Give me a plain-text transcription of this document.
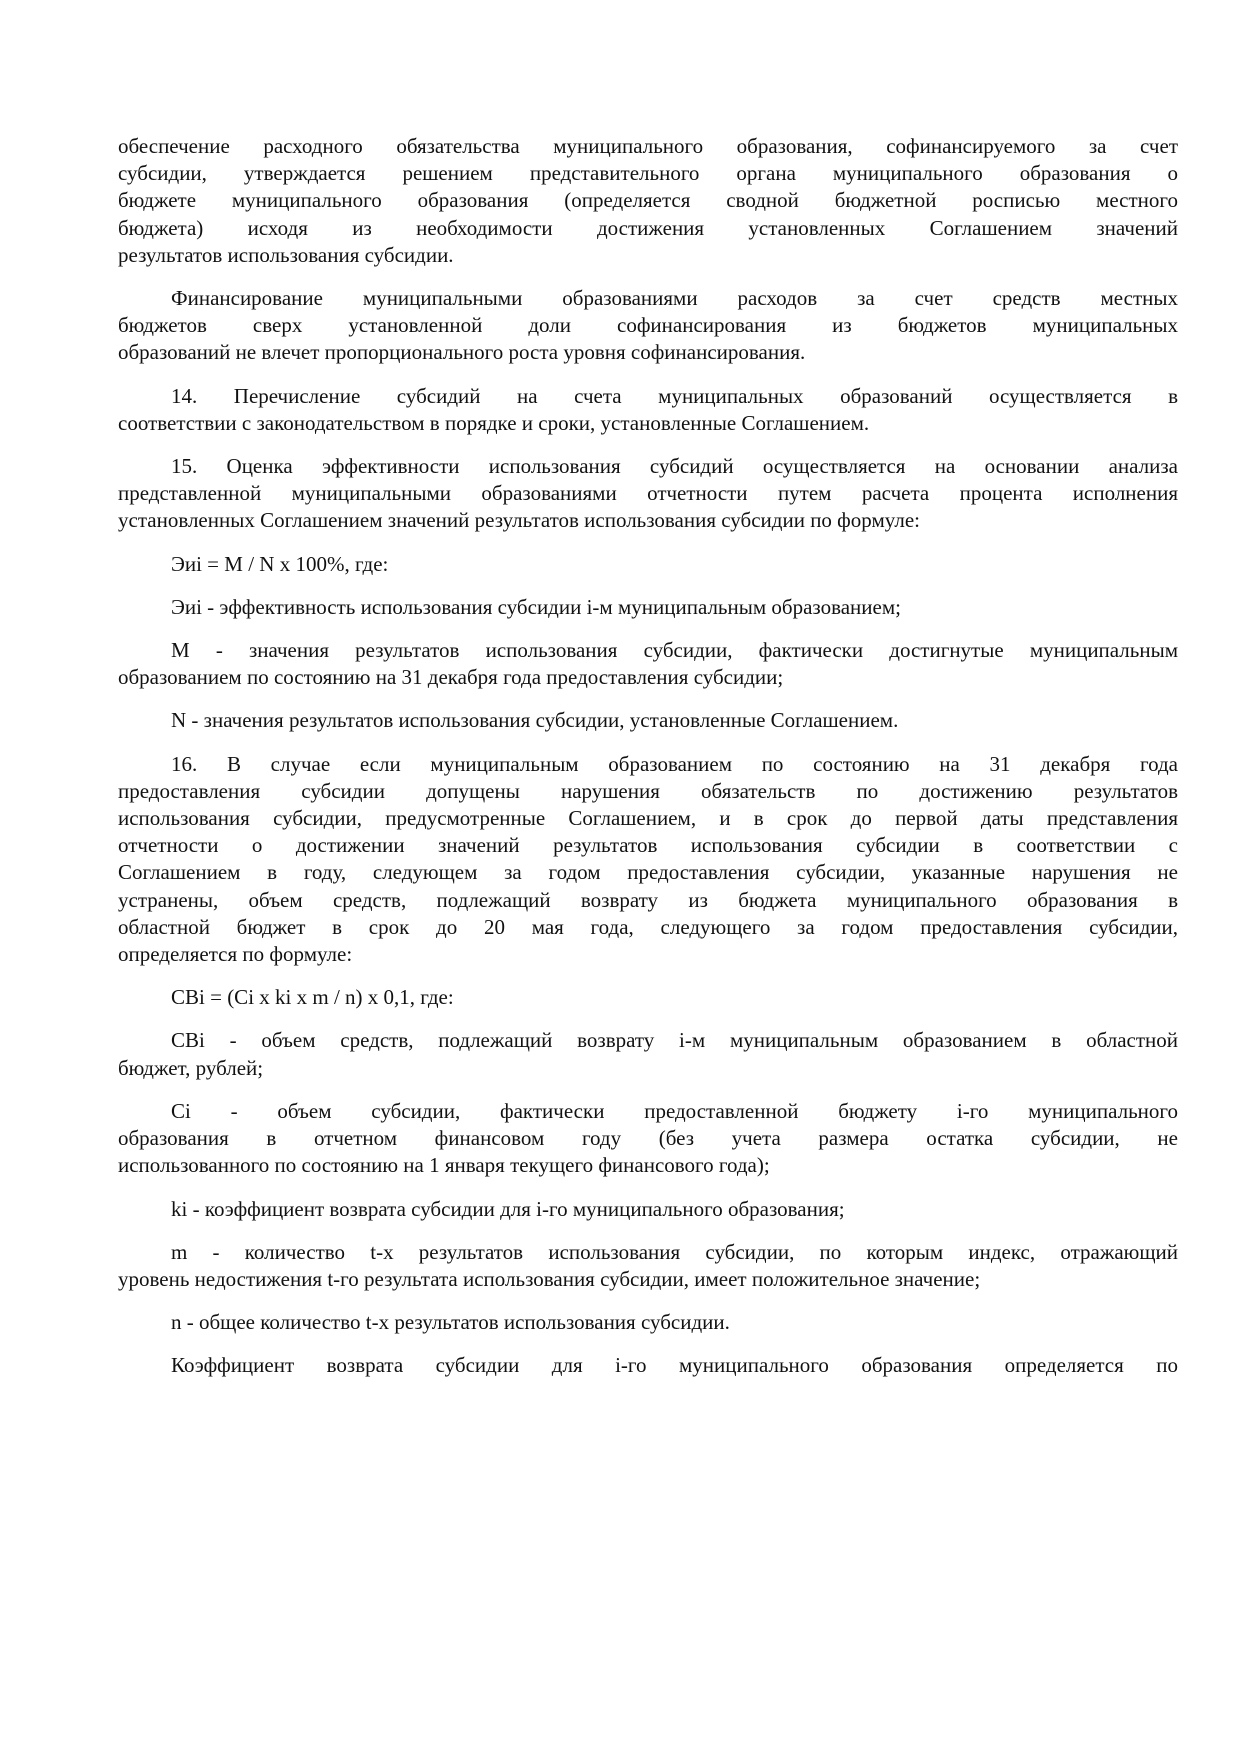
обеспечение расходного обязательства муниципального образования, софинансируемого за счет
субсидии, утверждается решением представительного органа муниципального образования о
бюджете муниципального образования (определяется сводной бюджетной росписью местного
бюджета) исходя из необходимости достижения установленных Соглашением значений
результатов использования субсидии.
Финансирование муниципальными образованиями расходов за счет средств местных
бюджетов сверх установленной доли софинансирования из бюджетов муниципальных
образований не влечет пропорционального роста уровня софинансирования.
14. Перечисление субсидий на счета муниципальных образований осуществляется в
соответствии с законодательством в порядке и сроки, установленные Соглашением.
15. Оценка эффективности использования субсидий осуществляется на основании анализа
представленной муниципальными образованиями отчетности путем расчета процента исполнения
установленных Соглашением значений результатов использования субсидии по формуле:
Эиi = M / N x 100%, где:
Эиi - эффективность использования субсидии i-м муниципальным образованием;
M - значения результатов использования субсидии, фактически достигнутые муниципальным
образованием по состоянию на 31 декабря года предоставления субсидии;
N - значения результатов использования субсидии, установленные Соглашением.
16. В случае если муниципальным образованием по состоянию на 31 декабря года
предоставления субсидии допущены нарушения обязательств по достижению результатов
использования субсидии, предусмотренные Соглашением, и в срок до первой даты представления
отчетности о достижении значений результатов использования субсидии в соответствии с
Соглашением в году, следующем за годом предоставления субсидии, указанные нарушения не
устранены, объем средств, подлежащий возврату из бюджета муниципального образования в
областной бюджет в срок до 20 мая года, следующего за годом предоставления субсидии,
определяется по формуле:
CBi = (Ci x ki x m / n) x 0,1, где:
CBi - объем средств, подлежащий возврату i-м муниципальным образованием в областной
бюджет, рублей;
Ci - объем субсидии, фактически предоставленной бюджету i-го муниципального
образования в отчетном финансовом году (без учета размера остатка субсидии, не
использованного по состоянию на 1 января текущего финансового года);
ki - коэффициент возврата субсидии для i-го муниципального образования;
m - количество t-x результатов использования субсидии, по которым индекс, отражающий
уровень недостижения t-го результата использования субсидии, имеет положительное значение;
n - общее количество t-x результатов использования субсидии.
Коэффициент возврата субсидии для i-го муниципального образования определяется по
